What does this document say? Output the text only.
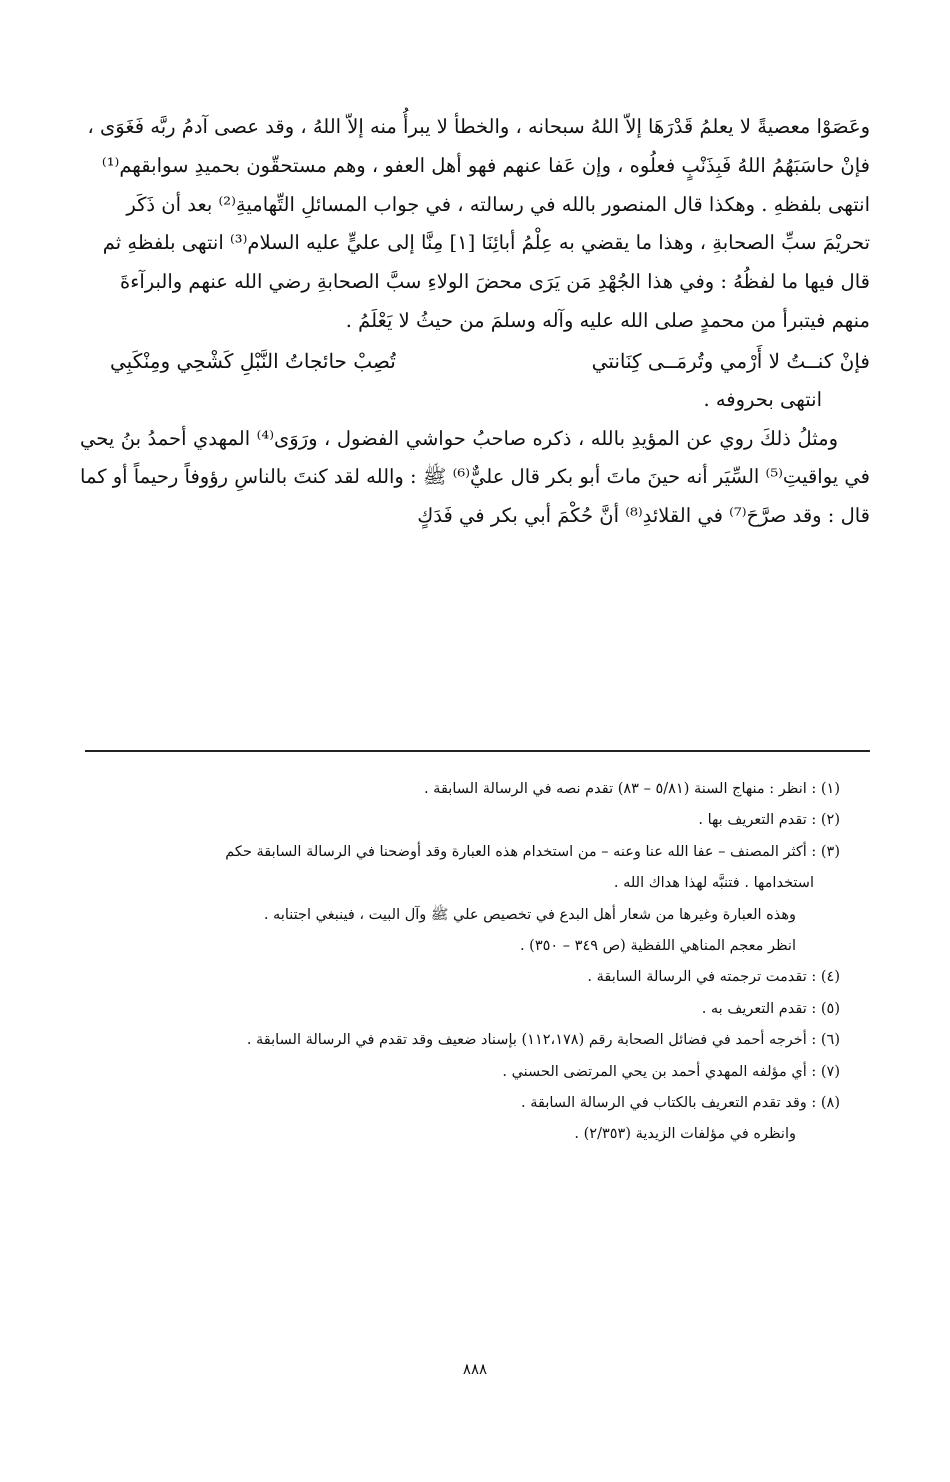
وعَصَوْا معصيةً لا يعلمُ قَدْرَهَا إلاّ اللهُ سبحانه ، والخطأ لا يبرأُ منه إلاّ اللهُ ، وقد عصى آدمُ ربَّه فَغَوَى ، فإنْ حاسَبَهُمُ اللهُ فَبِذَنْبٍ فعلُوه ، وإن عَفا عنهم فهو أهل العفو ، وهم مستحقّون بحميدِ سوابقهم⁽¹⁾ انتهى بلفظهِ . وهكذا قال المنصور بالله في رسالته ، في جواب المسائلِ التِّهاميةِ⁽²⁾ بعد أن ذَكَر تحريْمَ سبِّ الصحابةِ ، وهذا ما يقضي به عِلْمُ أبائِنَا [١] مِنَّا إلى عليٍّ عليه السلام⁽³⁾ انتهى بلفظهِ ثم قال فيها ما لفظُهُ : وفي هذا الجُهْدِ مَن يَرَى محضَ الولاءِ سبَّ الصحابةِ رضي الله عنهم والبرآءةَ منهم فيتبرأ من محمدٍ صلى الله عليه وآله وسلمَ من حيثُ لا يَعْلَمُ .

فإنْ كنــتُ لا أَرْمي وتُرمَــى كِنَانتي
تُصِبْ حائجاتُ النَّبْلِ كَشْحِي ومِنْكَبِي

انتهى بحروفه .

ومثلُ ذلكَ روي عن المؤيدِ بالله ، ذكره صاحبُ حواشي الفضول ، ورَوَى⁽⁴⁾ المهدي أحمدُ بنُ يحي في يواقيتِ⁽⁵⁾ السِّيَر أنه حينَ ماتَ أبو بكر قال عليٌّ⁽⁶⁾ ﷺ : والله لقد كنتَ بالناسِ رؤوفاً رحيماً أو كما قال : وقد صرَّحَ⁽⁷⁾ في القلائدِ⁽⁸⁾ أنَّ حُكْمَ أبي بكر في فَدَكٍ

(١) : انظر : منهاج السنة (٥/٨١ – ٨٣) تقدم نصه في الرسالة السابقة .

(٢) : تقدم التعريف بها .

(٣) : أكثر المصنف – عفا الله عنا وعنه – من استخدام هذه العبارة وقد أوضحنا في الرسالة السابقة حكم

استخدامها . فتنبَّه لهذا هداك الله .

وهذه العبارة وغيرها من شعار أهل البدع في تخصيص علي ﷺ وآل البيت ، فينبغي اجتنابه .

انظر معجم المناهي اللفظية (ص ٣٤٩ – ٣٥٠) .

(٤) : تقدمت ترجمته في الرسالة السابقة .

(٥) : تقدم التعريف به .

(٦) : أخرجه أحمد في فضائل الصحابة رقم (١١٢،١٧٨) بإسناد ضعيف وقد تقدم في الرسالة السابقة .

(٧) : أي مؤلفه المهدي أحمد بن يحي المرتضى الحسني .

(٨) : وقد تقدم التعريف بالكتاب في الرسالة السابقة .

وانظره في مؤلفات الزيدية (٢/٣٥٣) .

٨٨٨
